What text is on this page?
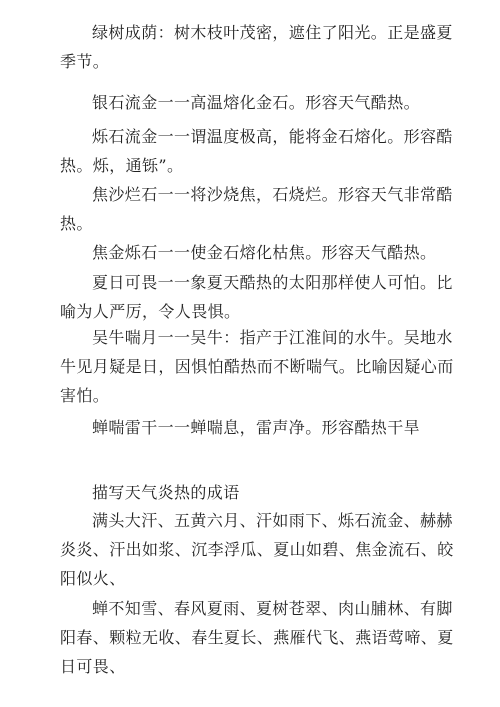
绿树成荫：树木枝叶茂密，遮住了阳光。正是盛夏季节。

银石流金一一高温熔化金石。形容天气酷热。

烁石流金一一谓温度极高，能将金石熔化。形容酷热。烁，通铄”。

焦沙烂石一一将沙烧焦，石烧烂。形容天气非常酷热。

焦金烁石一一使金石熔化枯焦。形容天气酷热。

夏日可畏一一象夏天酷热的太阳那样使人可怕。比喻为人严厉，令人畏惧。

吴牛喘月一一吴牛：指产于江淮间的水牛。吴地水牛见月疑是日，因惧怕酷热而不断喘气。比喻因疑心而害怕。

蝉喘雷干一一蝉喘息，雷声净。形容酷热干旱

描写天气炎热的成语

满头大汗、五黄六月、汗如雨下、烁石流金、赫赫炎炎、汗出如浆、沉李浮瓜、夏山如碧、焦金流石、皎阳似火、

蝉不知雪、春风夏雨、夏树苍翠、肉山脯林、有脚阳春、颗粒无收、春生夏长、燕雁代飞、燕语莺啼、夏日可畏、
